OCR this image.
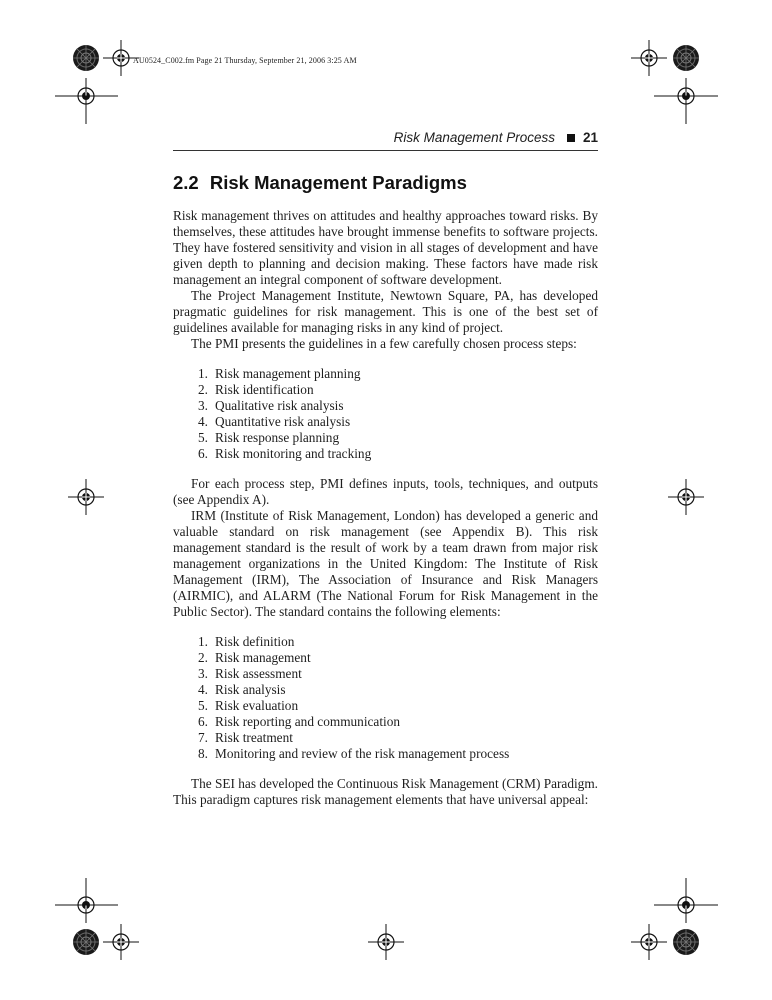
AU0524_C002.fm Page 21 Thursday, September 21, 2006 3:25 AM
Risk Management Process 21
2.2 Risk Management Paradigms

Risk management thrives on attitudes and healthy approaches toward risks. By themselves, these attitudes have brought immense benefits to software projects. They have fostered sensitivity and vision in all stages of development and have given depth to planning and decision making. These factors have made risk management an integral component of software development.

The Project Management Institute, Newtown Square, PA, has developed pragmatic guidelines for risk management. This is one of the best set of guidelines available for managing risks in any kind of project.

The PMI presents the guidelines in a few carefully chosen process steps:

1. Risk management planning
2. Risk identification
3. Qualitative risk analysis
4. Quantitative risk analysis
5. Risk response planning
6. Risk monitoring and tracking

For each process step, PMI defines inputs, tools, techniques, and outputs (see Appendix A).

IRM (Institute of Risk Management, London) has developed a generic and valuable standard on risk management (see Appendix B). This risk management standard is the result of work by a team drawn from major risk management organizations in the United Kingdom: The Institute of Risk Management (IRM), The Association of Insurance and Risk Managers (AIRMIC), and ALARM (The National Forum for Risk Management in the Public Sector). The standard contains the following elements:

1. Risk definition
2. Risk management
3. Risk assessment
4. Risk analysis
5. Risk evaluation
6. Risk reporting and communication
7. Risk treatment
8. Monitoring and review of the risk management process

The SEI has developed the Continuous Risk Management (CRM) Paradigm. This paradigm captures risk management elements that have universal appeal:
